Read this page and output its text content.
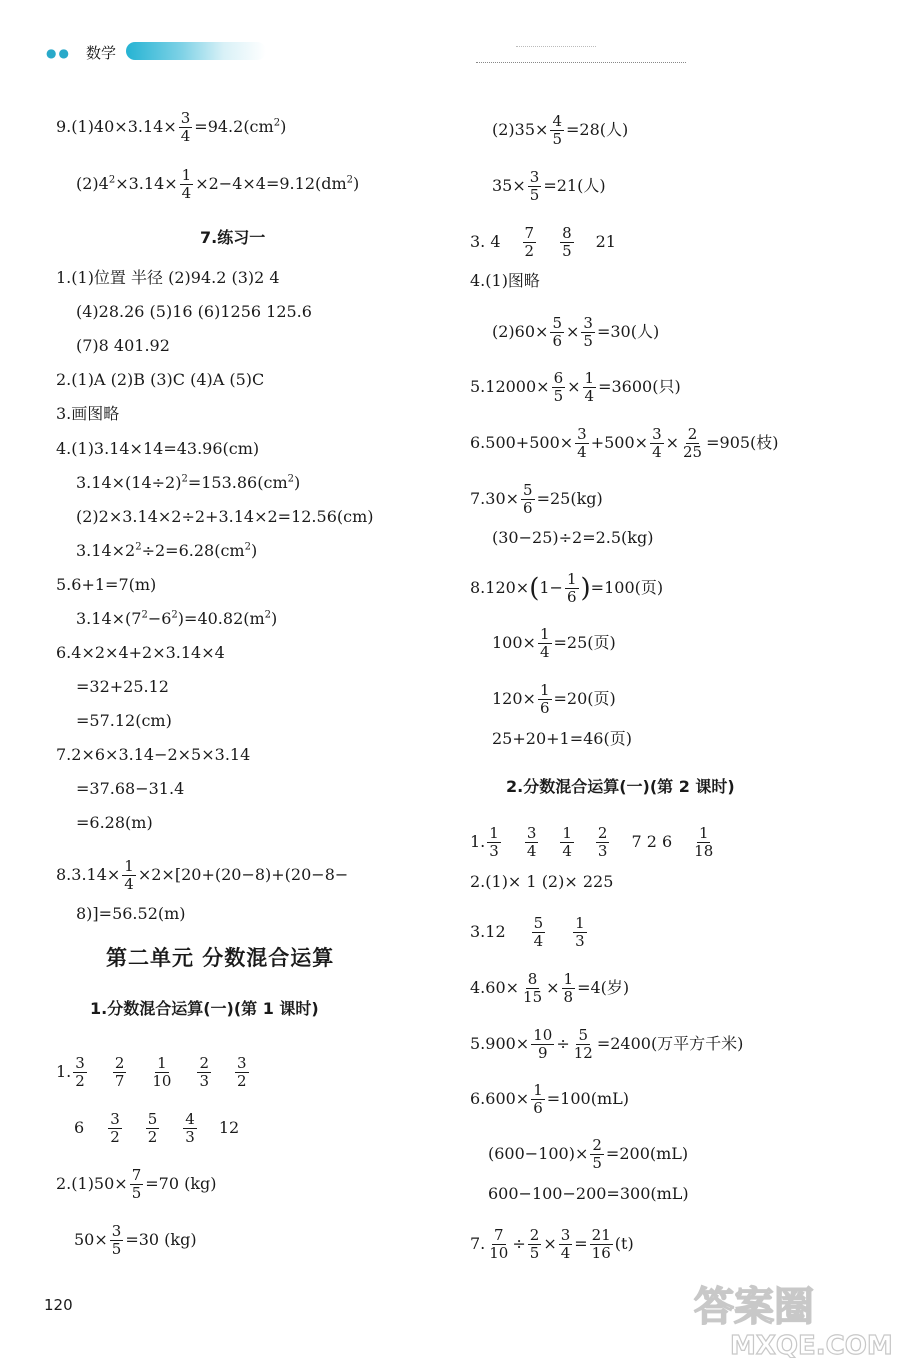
●● 数学
$9.(1)40\times 3.14\times \frac{3}{4} =94.2(cm^2)$
$(2)4^2\times 3.14\times \frac{1}{4} \times 2-4\times 4=9.12(dm^2)$
7.练习一
1.(1)位置 半径 (2)94.2 (3)2 4
(4)28.26 (5)16 (6)1256 125.6
(7)8 401.92
2.(1)A (2)B (3)C (4)A (5)C
3.画图略
4.(1)3.14×14=43.96(cm)
$3.14\times(14\div 2)^2=153.86(cm^2)$
(2)2×3.14×2÷2+3.14×2=12.56(cm)
$3.14\times 2^2\div 2=6.28(cm^2)$
5.6+1=7(m)
$3.14\times(7^2-6^2)=40.82(m^2)$
6.4×2×4+2×3.14×4
=32+25.12
=57.12(cm)
7.2×6×3.14−2×5×3.14
=37.68−31.4
=6.28(m)
$8.3.14\times \frac{1}{4} \times 2\times[20+(20-8)+(20-8-$
8)]=56.52(m)
第二单元 分数混合运算
1.分数混合运算(一)(第 1 课时)
1. $\frac{3}{2} \frac{2}{7} \frac{1}{10} \frac{2}{3} \frac{3}{2}$
$6 \frac{3}{2} \frac{5}{2} \frac{4}{3} 12$
$2.(1)50\times \frac{7}{5} =70$ (kg)
$50\times \frac{3}{5} =30$ (kg)
$(2)35\times \frac{4}{5} =28$(人)
$35\times \frac{3}{5} =21$(人)
3. $4 \frac{7}{2} \frac{8}{5} 21$
4.(1)图略
$(2)60\times \frac{5}{6} \times \frac{3}{5} =30$(人)
$5.12000\times \frac{6}{5} \times \frac{1}{4} =3600$(只)
$6.500+500\times \frac{3}{4} +500\times \frac{3}{4} \times \frac{2}{25} =905$(枝)
$7.30\times \frac{5}{6} =25(kg)$
(30−25)÷2=2.5(kg)
$8.120\times(1- \frac{1}{6} )=100$(页)
$100\times \frac{1}{4} =25$(页)
$120\times \frac{1}{6} =20$(页)
25+20+1=46(页)
2.分数混合运算(一)(第 2 课时)
1. $\frac{1}{3} \frac{3}{4} \frac{1}{4} \frac{2}{3} 7$ 2 $6 \frac{1}{18}$
2.(1)× 1 (2)× 225
$3.12 \frac{5}{4} \frac{1}{3}$
$4.60\times \frac{8}{15} \times \frac{1}{8} =4$(岁)
$5.900\times \frac{10}{9} \div \frac{5}{12} =2400$(万平方千米)
$6.600\times \frac{1}{6} =100(mL)$
$(600-100)\times \frac{2}{5} =200(mL)$
600−100−200=300(mL)
7. $\frac{7}{10} \div \frac{2}{5} \times \frac{3}{4} = \frac{21}{16} (t)$
120	答案圈
MXQE.COM
